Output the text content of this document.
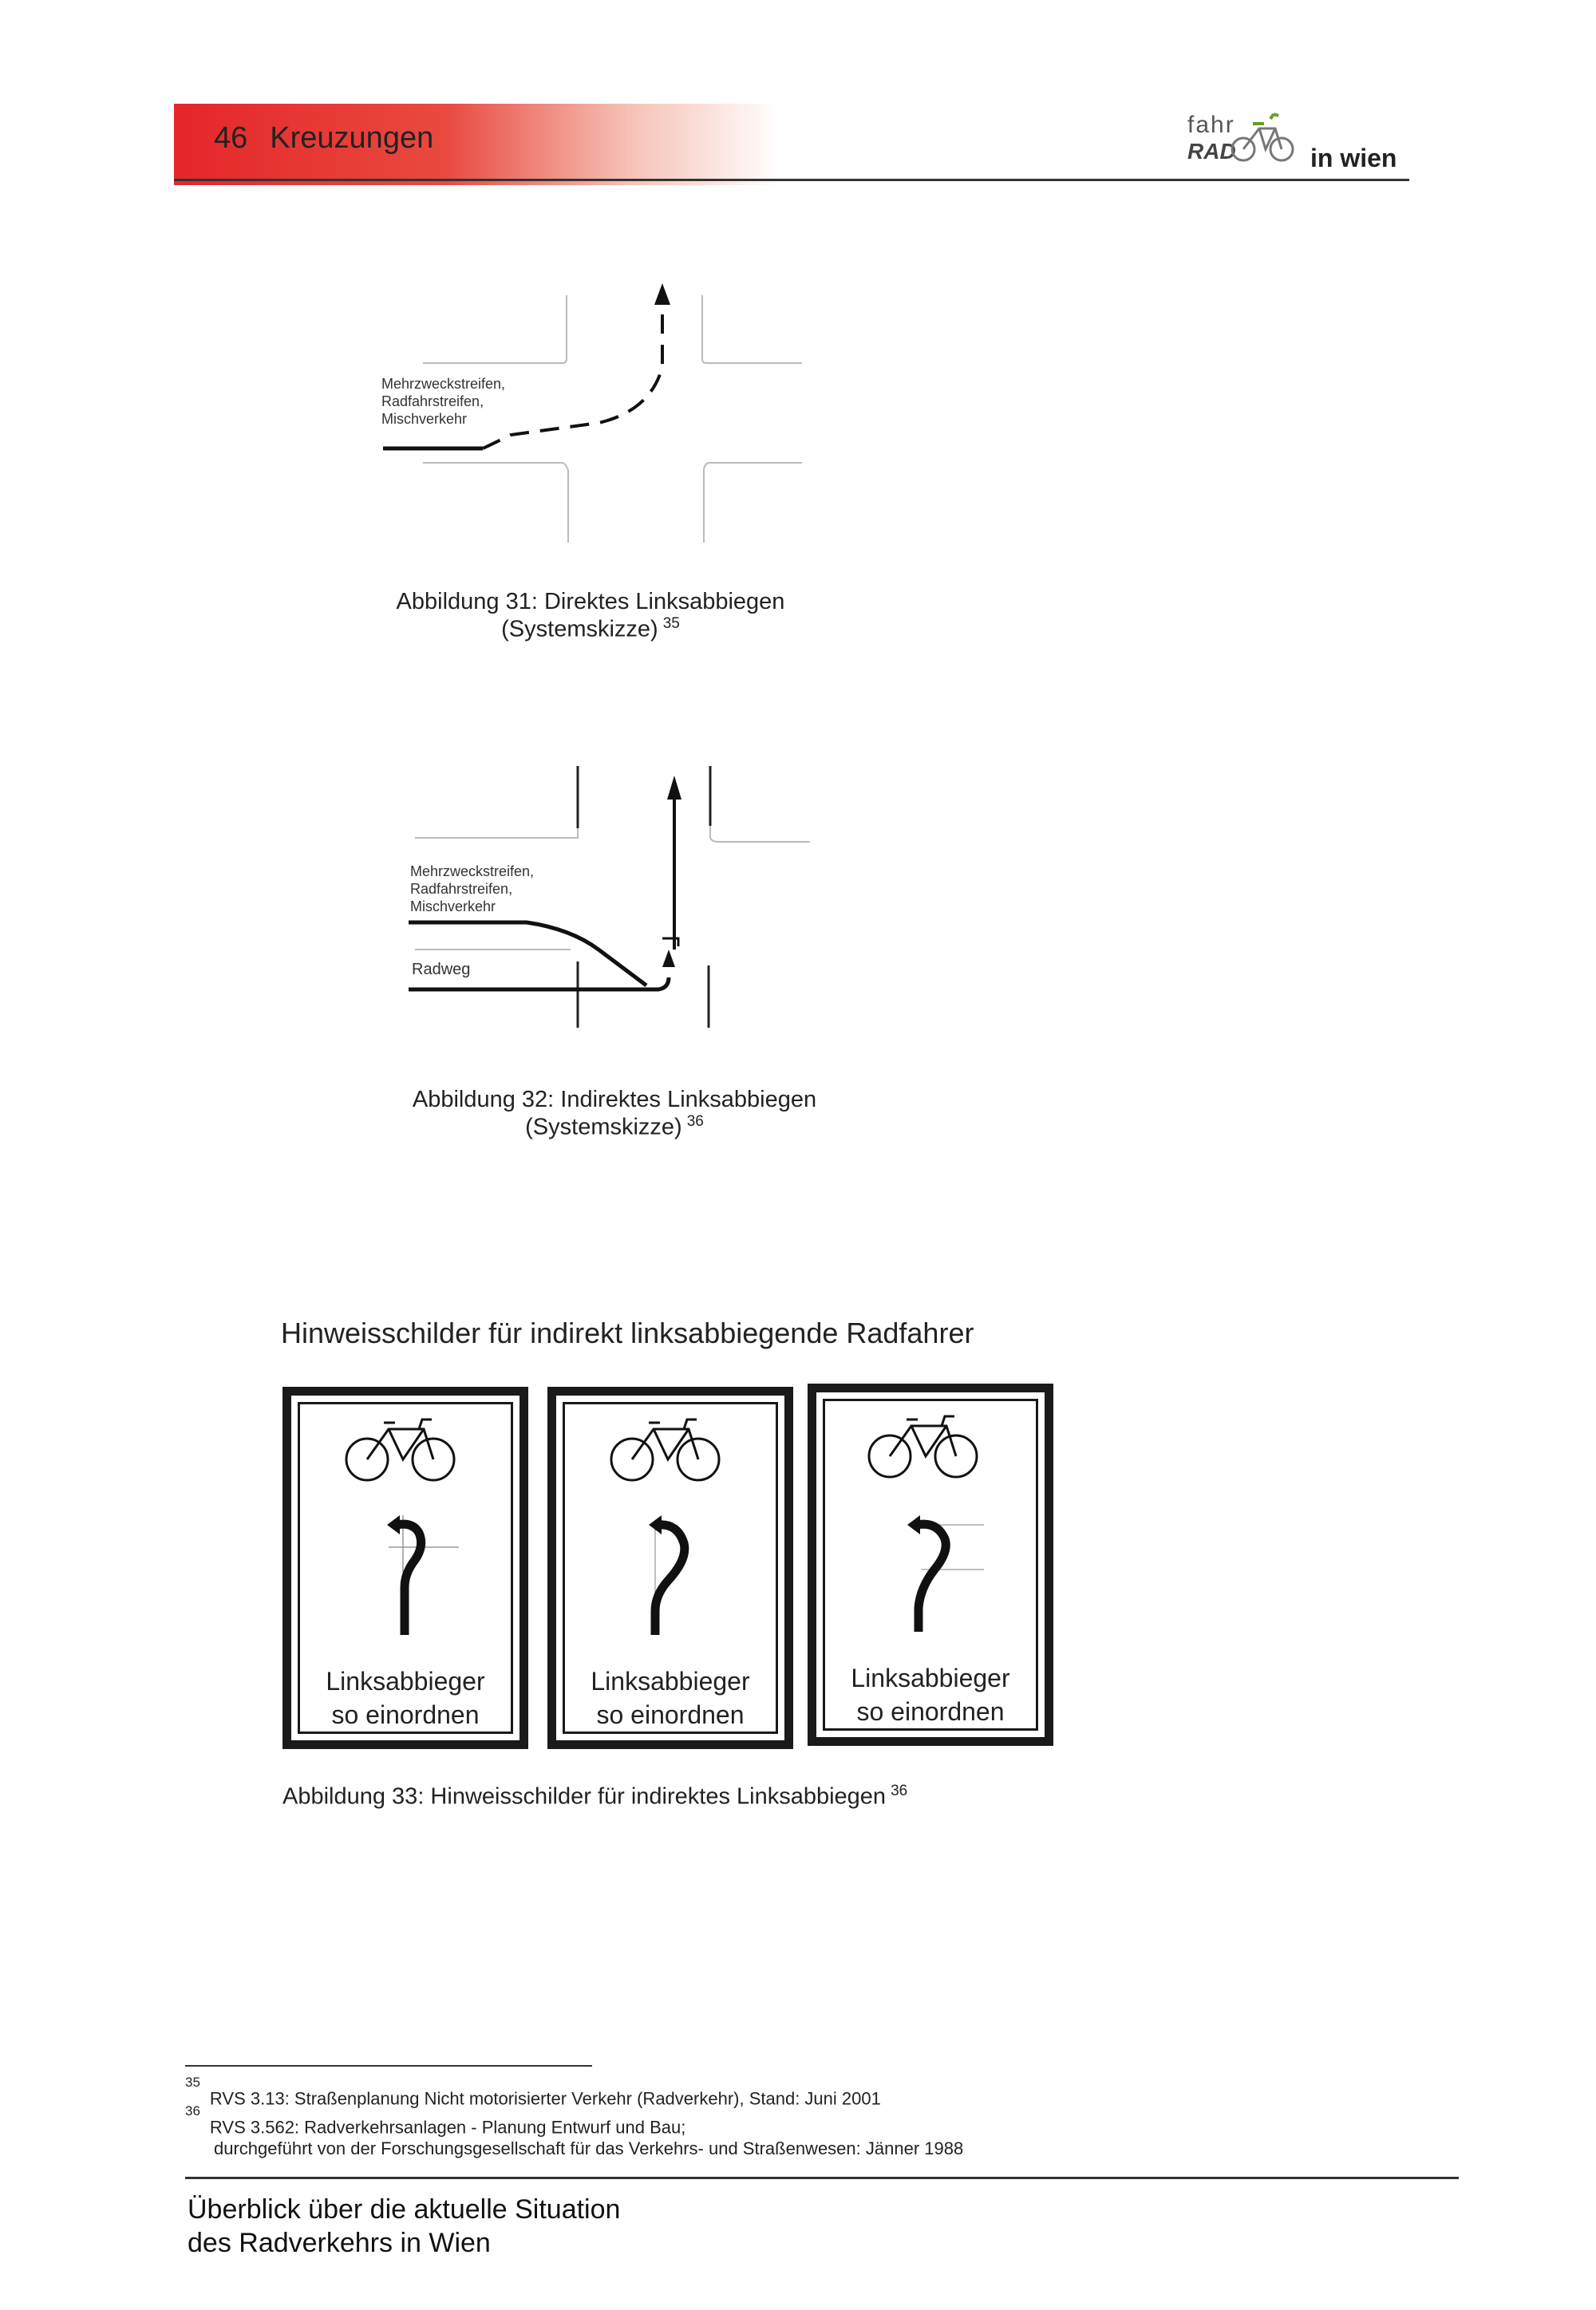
46 Kreuzungen	fahr
RAD	in wien
Mehrzweckstreifen,
Radfahrstreifen,
Mischverkehr
Abbildung 31: Direktes Linksabbiegen
(Systemskizze) $^{35}$
Mehrzweckstreifen,
Radfahrstreifen,
Mischverkehr
Radweg
Abbildung 32: Indirektes Linksabbiegen
(Systemskizze) $^{36}$
Hinweisschilder für indirekt linksabbiegende Radfahrer
Linksabbieger
so einordnen
Linksabbieger
so einordnen
Linksabbieger
so einordnen
Abbildung 33: Hinweisschilder für indirektes Linksabbiegen $^{36}$
$^{35}$RVS 3.13: Straßenplanung Nicht motorisierter Verkehr (Radverkehr), Stand: Juni 2001
$^{36}$RVS 3.562: Radverkehrsanlagen - Planung Entwurf und Bau;
durchgeführt von der Forschungsgesellschaft für das Verkehrs- und Straßenwesen: Jänner 1988
Überblick über die aktuelle Situation
des Radverkehrs in Wien
